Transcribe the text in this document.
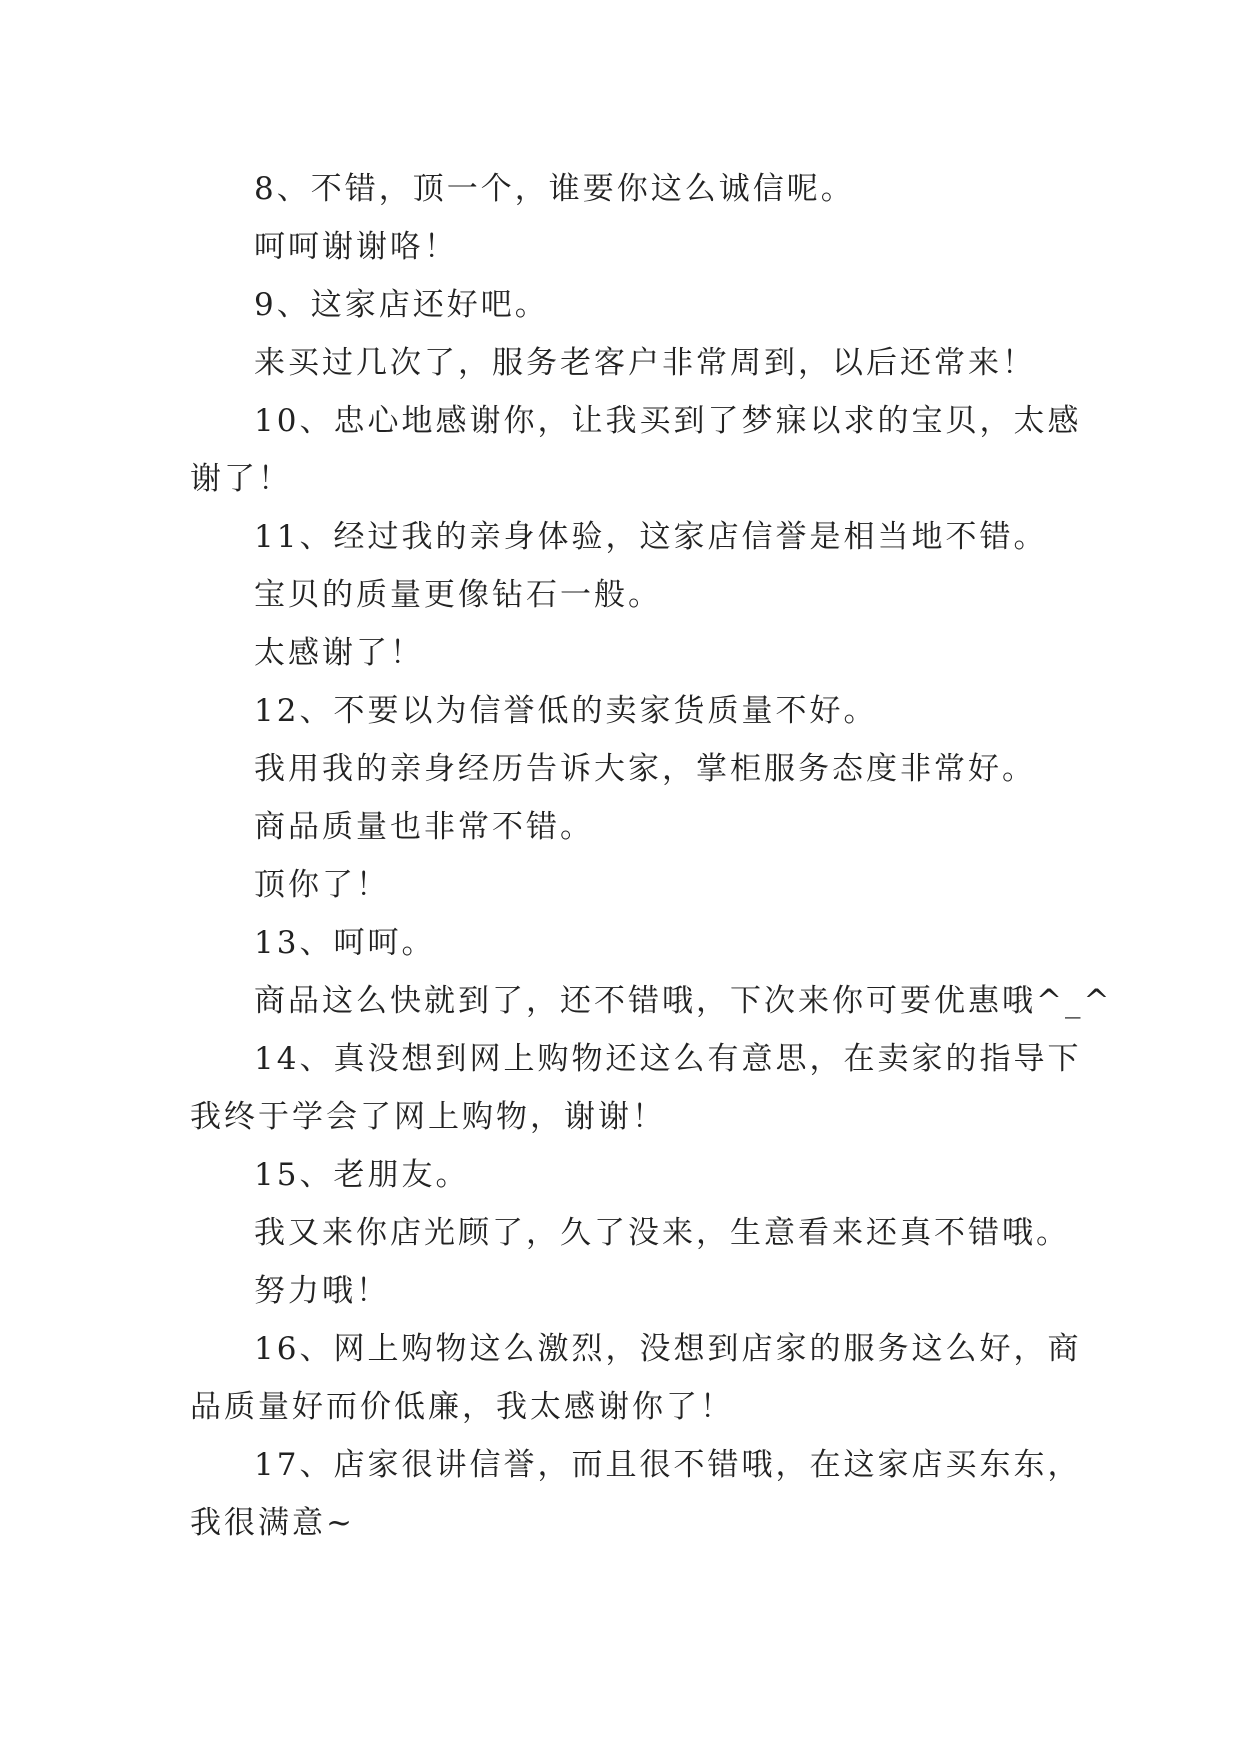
8、不错，顶一个，谁要你这么诚信呢。
呵呵谢谢咯！
9、这家店还好吧。
来买过几次了，服务老客户非常周到，以后还常来！
10、忠心地感谢你，让我买到了梦寐以求的宝贝，太感
谢了！
11、经过我的亲身体验，这家店信誉是相当地不错。
宝贝的质量更像钻石一般。
太感谢了！
12、不要以为信誉低的卖家货质量不好。
我用我的亲身经历告诉大家，掌柜服务态度非常好。
商品质量也非常不错。
顶你了！
13、呵呵。
商品这么快就到了，还不错哦，下次来你可要优惠哦^_^
14、真没想到网上购物还这么有意思，在卖家的指导下
我终于学会了网上购物，谢谢！
15、老朋友。
我又来你店光顾了，久了没来，生意看来还真不错哦。
努力哦！
16、网上购物这么激烈，没想到店家的服务这么好，商
品质量好而价低廉，我太感谢你了！
17、店家很讲信誉，而且很不错哦，在这家店买东东，
我很满意~
